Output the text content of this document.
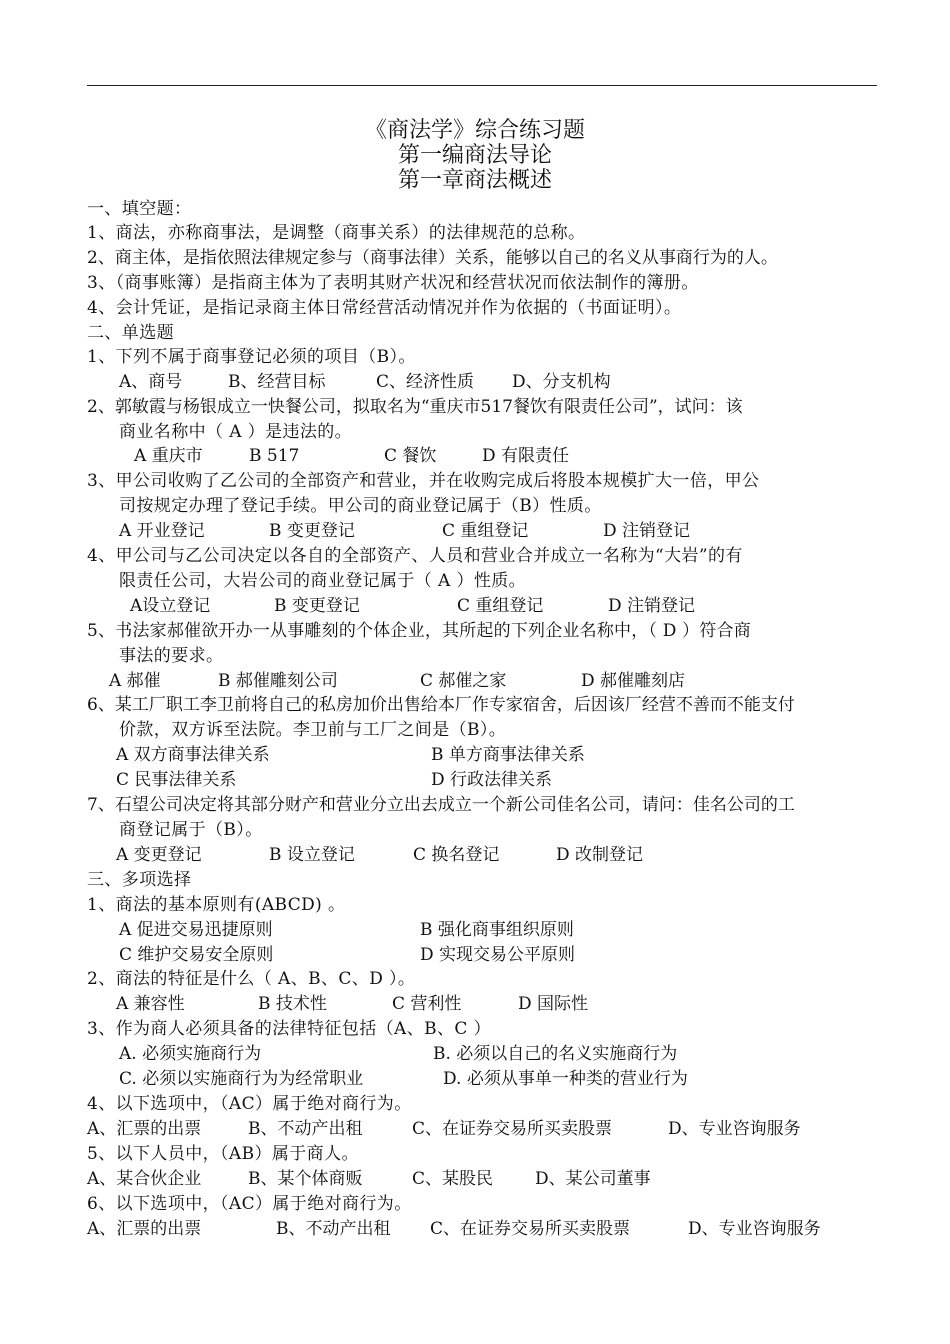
《商法学》综合练习题
第一编商法导论
第一章商法概述
一、填空题：
1、商法，亦称商事法，是调整（商事关系）的法律规范的总称。
2、商主体，是指依照法律规定参与（商事法律）关系，能够以自己的名义从事商行为的人。
3、（商事账簿）是指商主体为了表明其财产状况和经营状况而依法制作的簿册。
4、会计凭证，是指记录商主体日常经营活动情况并作为依据的（书面证明）。
二、单选题
1、下列不属于商事登记必须的项目（B）。
A、商号	B、经营目标	C、经济性质 D、分支机构
2、郭敏霞与杨银成立一快餐公司，拟取名为“重庆市517餐饮有限责任公司”，试问：该
商业名称中（ A ）是违法的。
A 重庆市	B 517	C 餐饮	D 有限责任
3、甲公司收购了乙公司的全部资产和营业，并在收购完成后将股本规模扩大一倍，甲公
司按规定办理了登记手续。甲公司的商业登记属于（B）性质。
A 开业登记	B 变更登记	C 重组登记	D 注销登记
4、甲公司与乙公司决定以各自的全部资产、人员和营业合并成立一名称为“大岩”的有
限责任公司，大岩公司的商业登记属于（ A ）性质。
A设立登记	B 变更登记	C 重组登记	D 注销登记
5、书法家郝催欲开办一从事雕刻的个体企业，其所起的下列企业名称中，（ D ）符合商
事法的要求。
A 郝催	B 郝催雕刻公司	C 郝催之家	D 郝催雕刻店
6、某工厂职工李卫前将自己的私房加价出售给本厂作专家宿舍，后因该厂经营不善而不能支付
价款，双方诉至法院。李卫前与工厂之间是（B）。
A 双方商事法律关系	B 单方商事法律关系
C 民事法律关系	D 行政法律关系
7、石望公司决定将其部分财产和营业分立出去成立一个新公司佳名公司，请问：佳名公司的工
商登记属于（B）。
A 变更登记	B 设立登记	C 换名登记	D 改制登记
三、多项选择
1、商法的基本原则有(ABCD) 。
A 促进交易迅捷原则	B 强化商事组织原则
C 维护交易安全原则	D 实现交易公平原则
2、商法的特征是什么（ A、B、C、D ）。
A 兼容性	B 技术性	C 营利性	D 国际性
3、作为商人必须具备的法律特征包括（A、B、C ）
A. 必须实施商行为	B. 必须以自己的名义实施商行为
C. 必须以实施商行为为经常职业	D. 必须从事单一种类的营业行为
4、以下选项中，（AC）属于绝对商行为。
A、汇票的出票	B、不动产出租	C、在证券交易所买卖股票	D、专业咨询服务
5、以下人员中，（AB）属于商人。
A、某合伙企业	B、某个体商贩	C、某股民 D、某公司董事
6、以下选项中，（AC）属于绝对商行为。
A、汇票的出票	B、不动产出租 C、在证券交易所买卖股票	D、专业咨询服务
